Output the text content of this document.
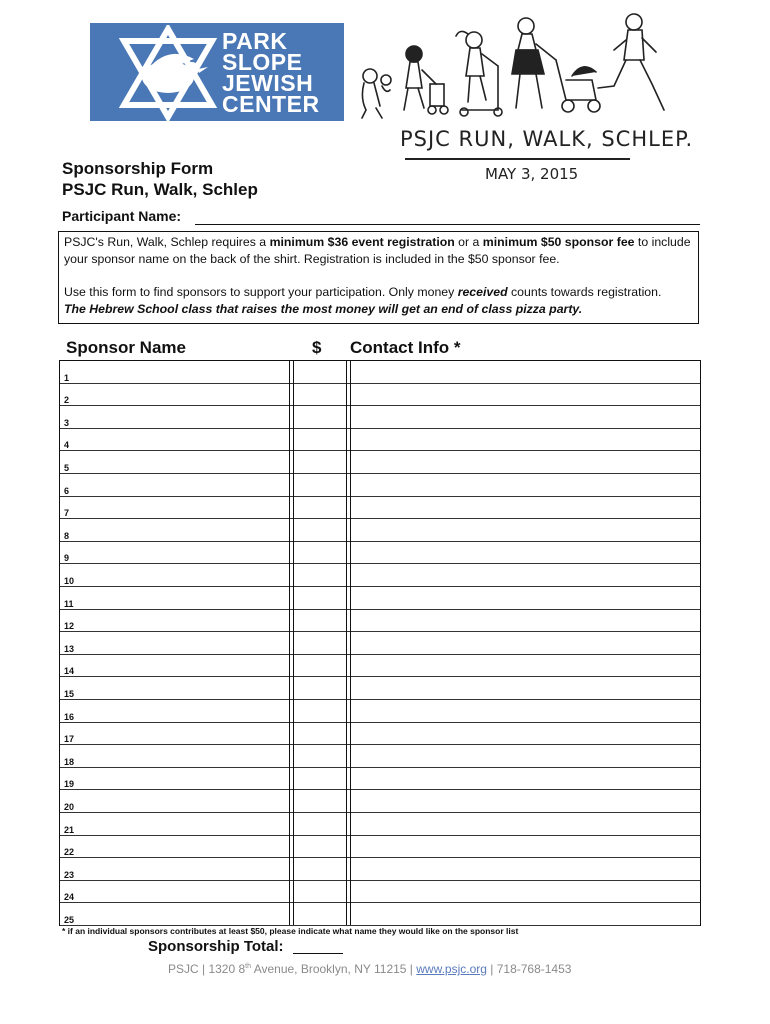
PARK
SLOPE
JEWISH
CENTER
PSJC RUN, WALK, SCHLEP.
MAY 3, 2015
Sponsorship Form
PSJC Run, Walk, Schlep
Participant Name:

PSJC's Run, Walk, Schlep requires a minimum $36 event registration or a minimum $50 sponsor fee to include your sponsor name on the back of the shirt. Registration is included in the $50 sponsor fee.

Use this form to find sponsors to support your participation. Only money received counts towards registration.

The Hebrew School class that raises the most money will get an end of class pizza party.

Sponsor Name	$ Contact Info *
1
2
3
4
5
6
7
8
9
10
11
12
13
14
15
16
17
18
19
20
21
22
23
24
25
* if an individual sponsors contributes at least $50, please indicate what name they would like on the sponsor list
Sponsorship Total:
PSJC | 1320 8th Avenue, Brooklyn, NY 11215 | www.psjc.org | 718-768-1453
